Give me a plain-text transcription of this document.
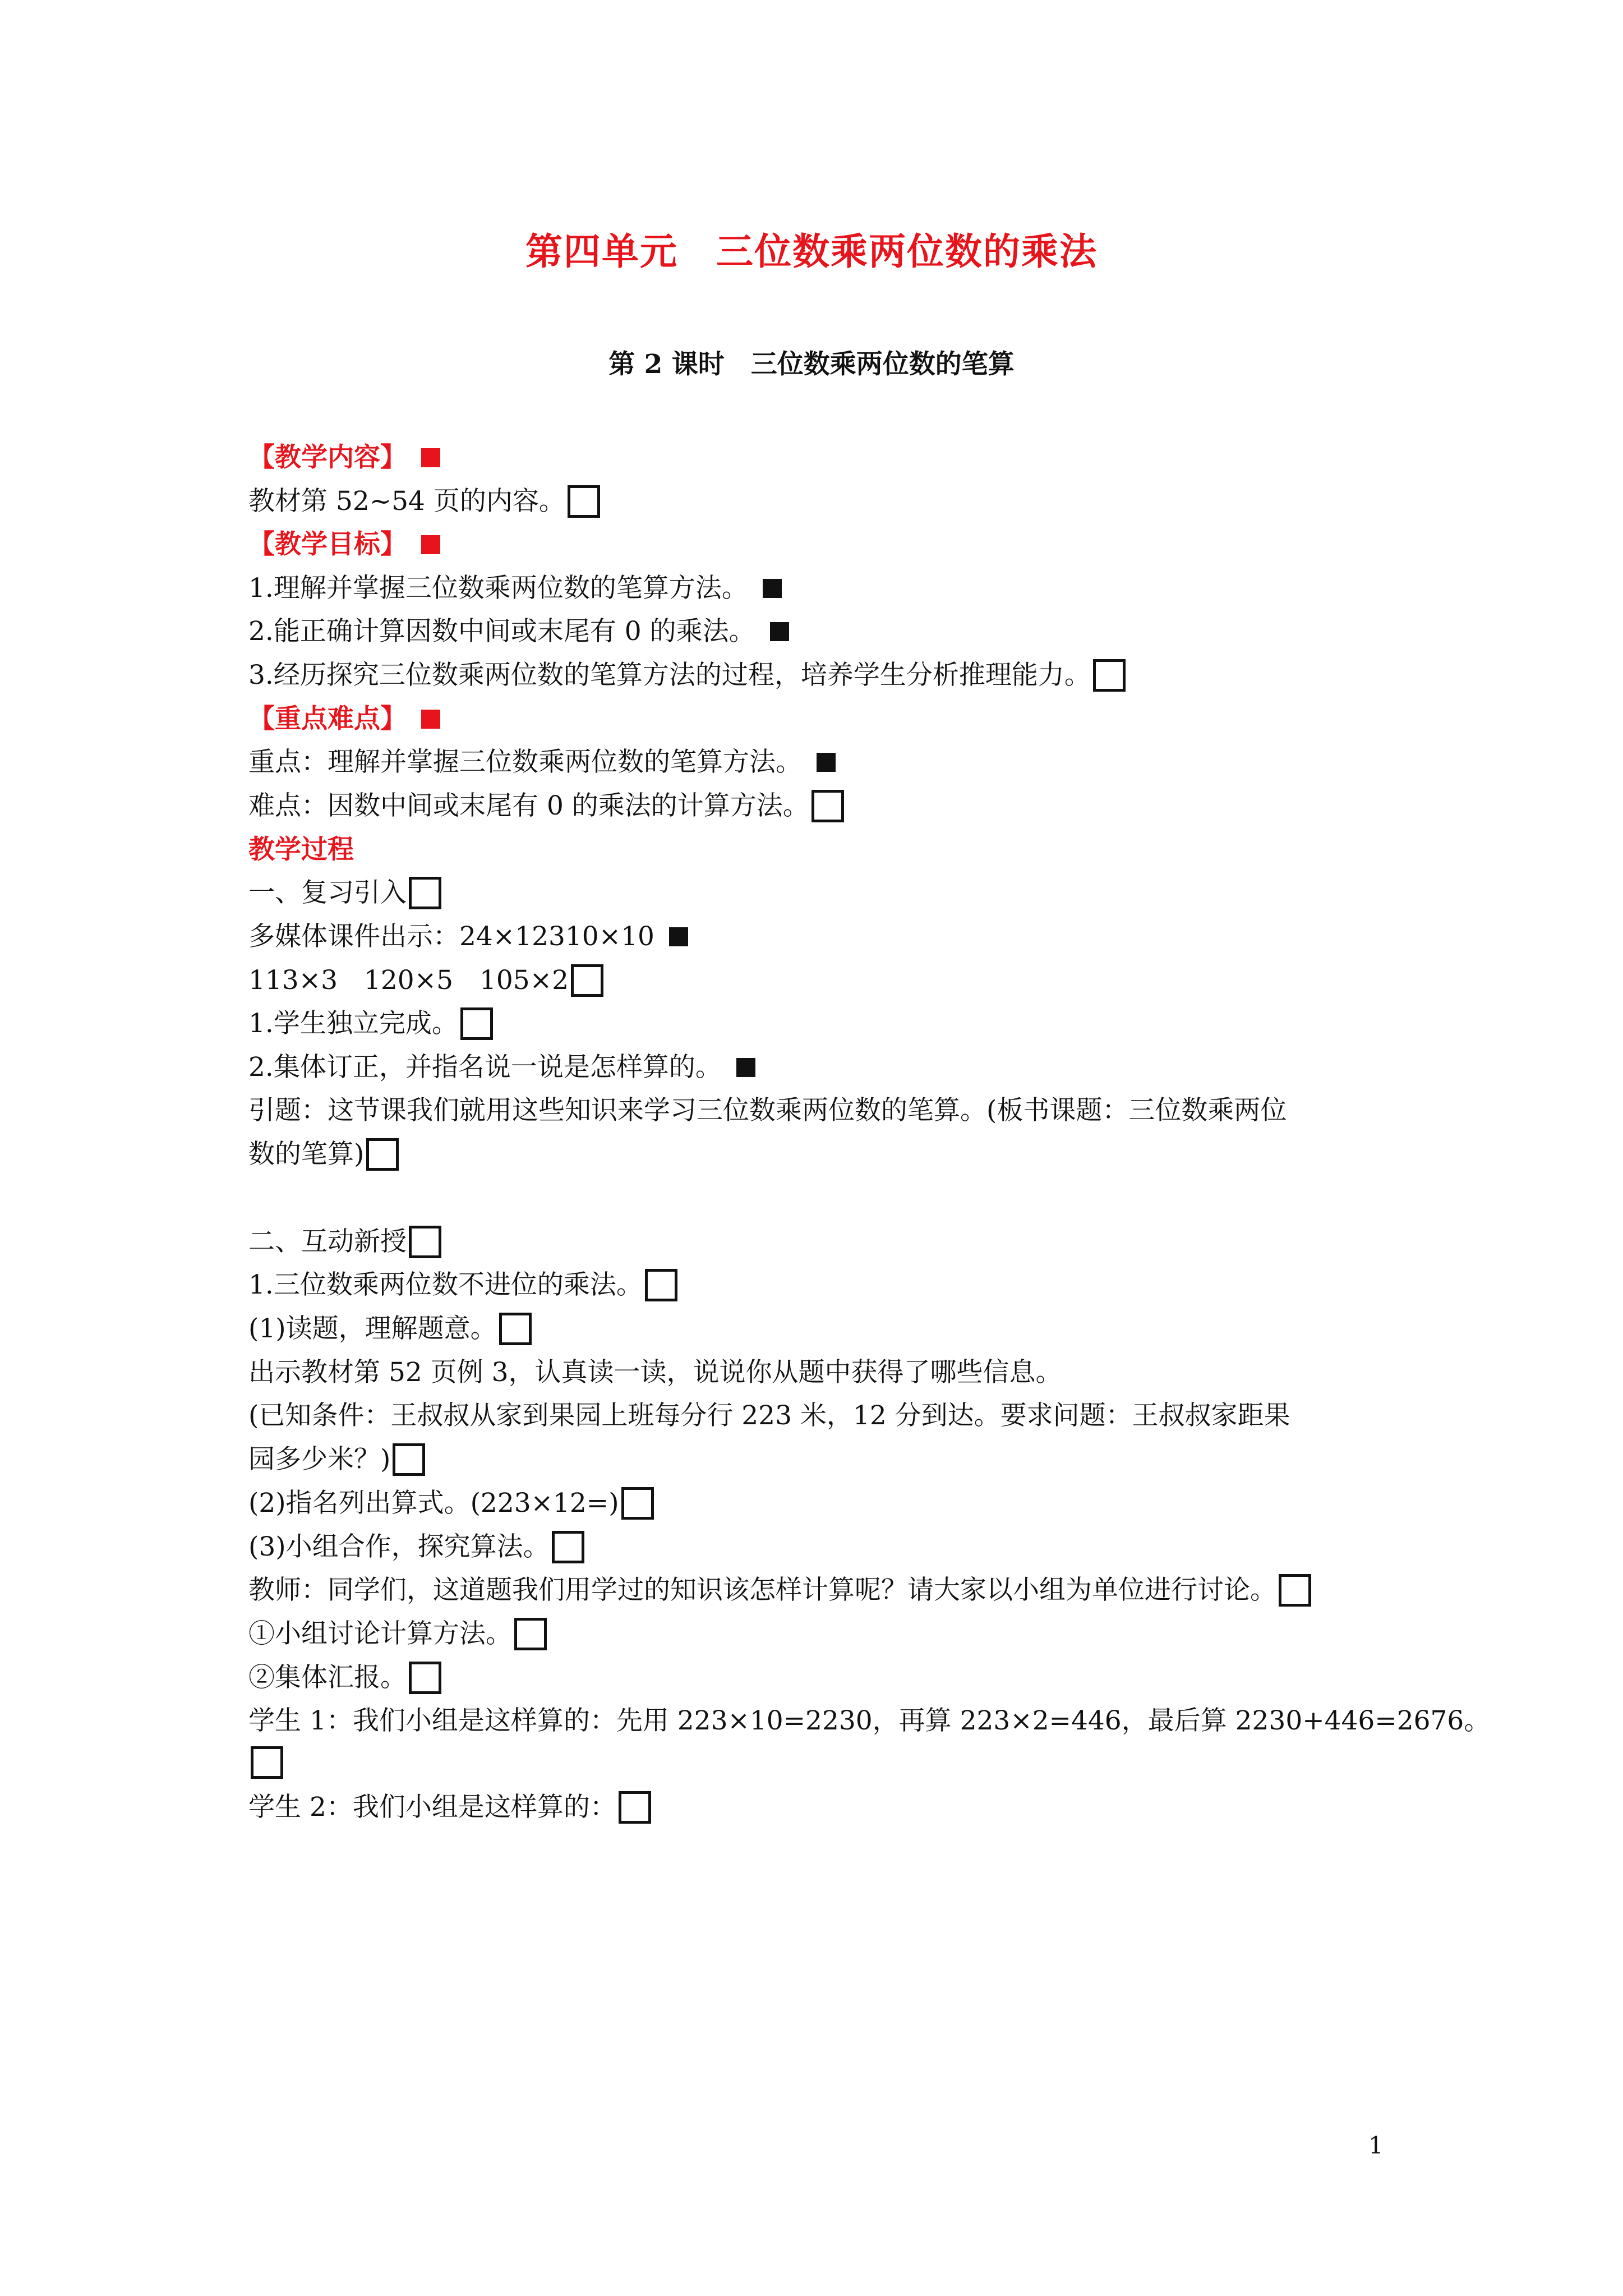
第四单元　三位数乘两位数的乘法
第 2 课时　三位数乘两位数的笔算
【教学内容】
教材第 52~54 页的内容。
【教学目标】
1.理解并掌握三位数乘两位数的笔算方法。
2.能正确计算因数中间或末尾有 0 的乘法。
3.经历探究三位数乘两位数的笔算方法的过程，培养学生分析推理能力。
【重点难点】
重点：理解并掌握三位数乘两位数的笔算方法。
难点：因数中间或末尾有 0 的乘法的计算方法。
教学过程
一、复习引入
多媒体课件出示：24×12310×10
113×3　120×5　105×2
1.学生独立完成。
2.集体订正，并指名说一说是怎样算的。
引题：这节课我们就用这些知识来学习三位数乘两位数的笔算。(板书课题：三位数乘两位
数的笔算)
二、互动新授
1.三位数乘两位数不进位的乘法。
(1)读题，理解题意。
出示教材第 52 页例 3，认真读一读，说说你从题中获得了哪些信息。
(已知条件：王叔叔从家到果园上班每分行 223 米，12 分到达。要求问题：王叔叔家距果
园多少米？)
(2)指名列出算式。(223×12=)
(3)小组合作，探究算法。
教师：同学们，这道题我们用学过的知识该怎样计算呢？请大家以小组为单位进行讨论。
①小组讨论计算方法。
②集体汇报。
学生 1：我们小组是这样算的：先用 223×10=2230，再算 223×2=446，最后算 2230+446=2676。
学生 2：我们小组是这样算的：
1
